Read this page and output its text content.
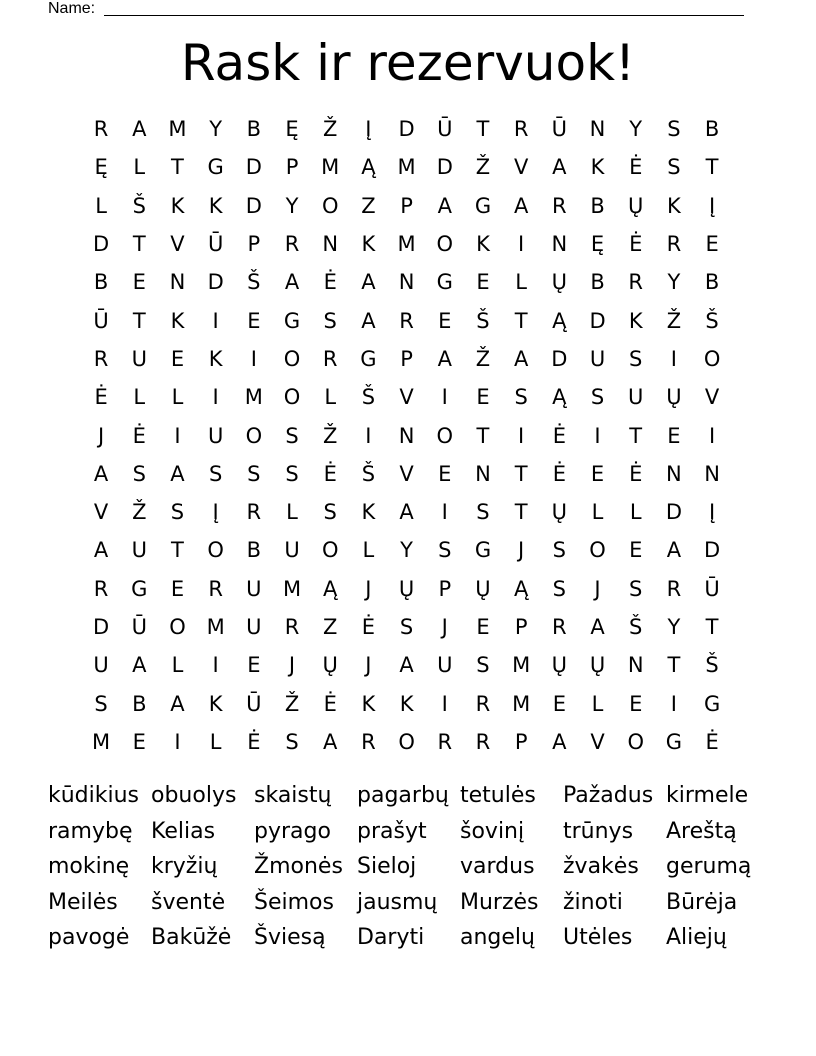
Name:
Rask ir rezervuok!
R	A	M	Y	B	Ę	Ž	Į	D	Ū	T	R	Ū	N	Y	S	B
Ę	L	T	G	D	P	M	Ą	M	D	Ž	V	A	K	Ė	S	T
L	Š	K	K	D	Y	O	Z	P	A	G	A	R	B	Ų	K	Į
D	T	V	Ū	P	R	N	K	M O	K	I	N	Ę	Ė	R	E
B	E	N	D	Š	A	Ė	A	N	G	E	L	Ų	B	R	Y	B
Ū	T	K	I	E	G	S	A	R	E	Š	T	Ą	D	K	Ž	Š
R	U	E	K	I	O	R	G	P	A	Ž	A	D	U	S	I	O
Ė	L	L	I	M O	L	Š	V	I	E	S	Ą	S	U	Ų	V
J	Ė	I	U	O	S	Ž	I	N	O	T	I	Ė	I	T	E	I
A	S	A	S	S	S	Ė	Š	V	E	N	T	Ė	E	Ė	N	N
V	Ž	S	Į	R	L	S	K	A	I	S	T	Ų	L	L	D	Į
A	U	T	O	B	U	O	L	Y	S	G	J	S	O	E	A	D
R	G	E	R	U	M	Ą	J	Ų	P	Ų	Ą	S	J	S	R	Ū
D	Ū	O M	U	R	Z	Ė	S	J	E	P	R	A	Š	Y	T
U	A	L	I	E	J	Ų	J	A	U	S	M	Ų	Ų	N	T	Š
S	B	A	K	Ū	Ž	Ė	K	K	I	R	M	E	L	E	I	G
M	E	I	L	Ė	S	A	R	O	R	R	P	A	V	O	G	Ė
kūdikius obuolys skaistų	pagarbų tetulės	Pažadus kirmele
ramybę Kelias	pyrago	prašyt	šovinį	trūnys	Areštą
mokinę kryžių	Žmonės Sieloj	vardus	žvakės	gerumą
Meilės	šventė	Šeimos	jausmų	Murzės	žinoti	Būrėja
pavogė Bakūžė	Šviesą	Daryti	angelų	Utėles	Aliejų
